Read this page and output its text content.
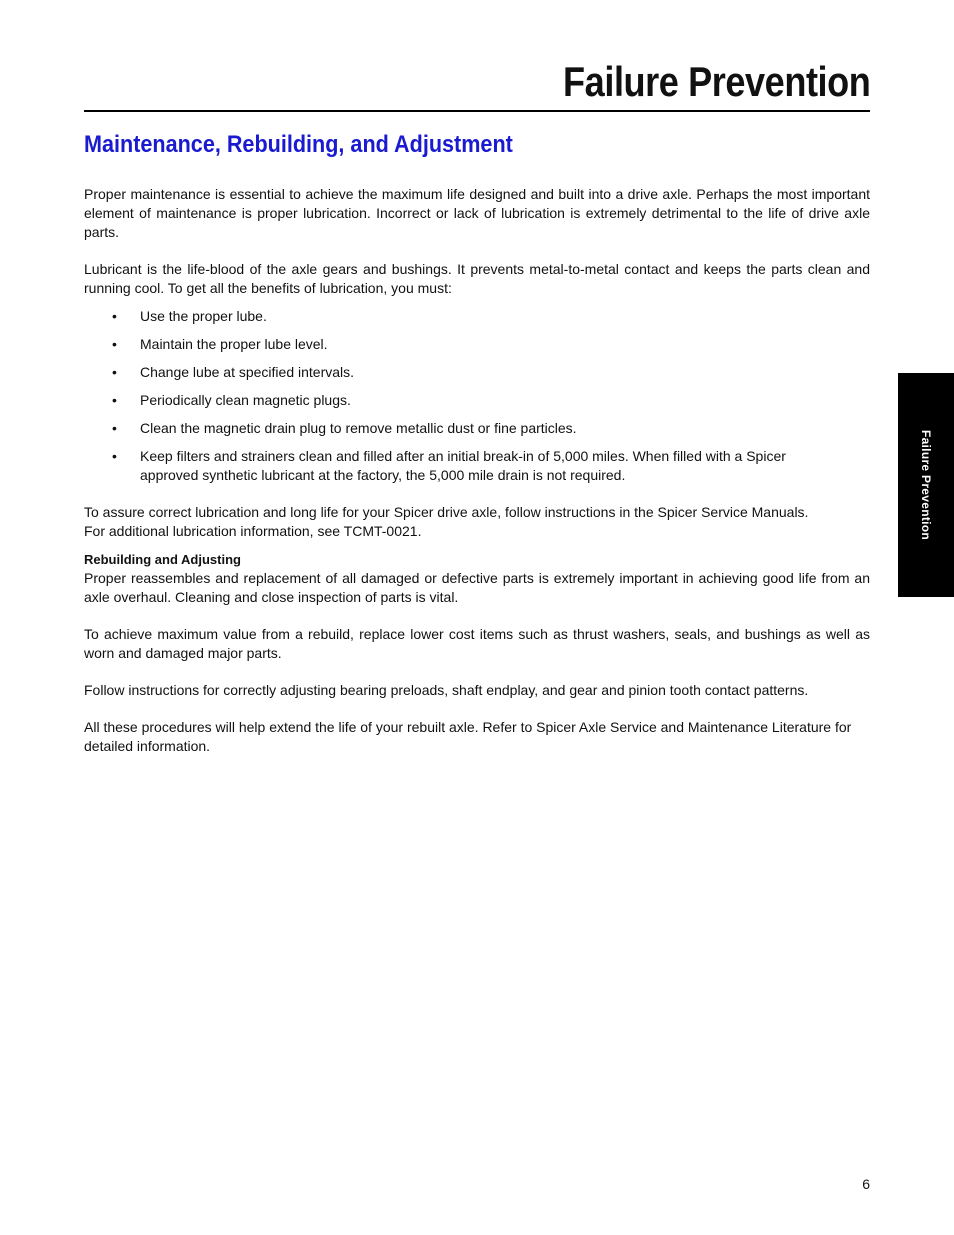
Failure Prevention
Maintenance, Rebuilding, and Adjustment

Proper maintenance is essential to achieve the maximum life designed and built into a drive axle. Perhaps the most important element of maintenance is proper lubrication. Incorrect or lack of lubrication is extremely detrimental to the life of drive axle parts.

Lubricant is the life-blood of the axle gears and bushings. It prevents metal-to-metal contact and keeps the parts clean and running cool. To get all the benefits of lubrication, you must:

• Use the proper lube.
• Maintain the proper lube level.
• Change lube at specified intervals.
• Periodically clean magnetic plugs.
• Clean the magnetic drain plug to remove metallic dust or fine particles.
• Keep filters and strainers clean and filled after an initial break-in of 5,000 miles. When filled with a Spicer approved synthetic lubricant at the factory, the 5,000 mile drain is not required.

To assure correct lubrication and long life for your Spicer drive axle, follow instructions in the Spicer Service Manuals.
For additional lubrication information, see TCMT-0021.

Rebuilding and Adjusting

Proper reassembles and replacement of all damaged or defective parts is extremely important in achieving good life from an axle overhaul. Cleaning and close inspection of parts is vital.

To achieve maximum value from a rebuild, replace lower cost items such as thrust washers, seals, and bushings as well as worn and damaged major parts.

Follow instructions for correctly adjusting bearing preloads, shaft endplay, and gear and pinion tooth contact patterns.

All these procedures will help extend the life of your rebuilt axle. Refer to Spicer Axle Service and Maintenance Literature for detailed information.

Failure Prevention
6
